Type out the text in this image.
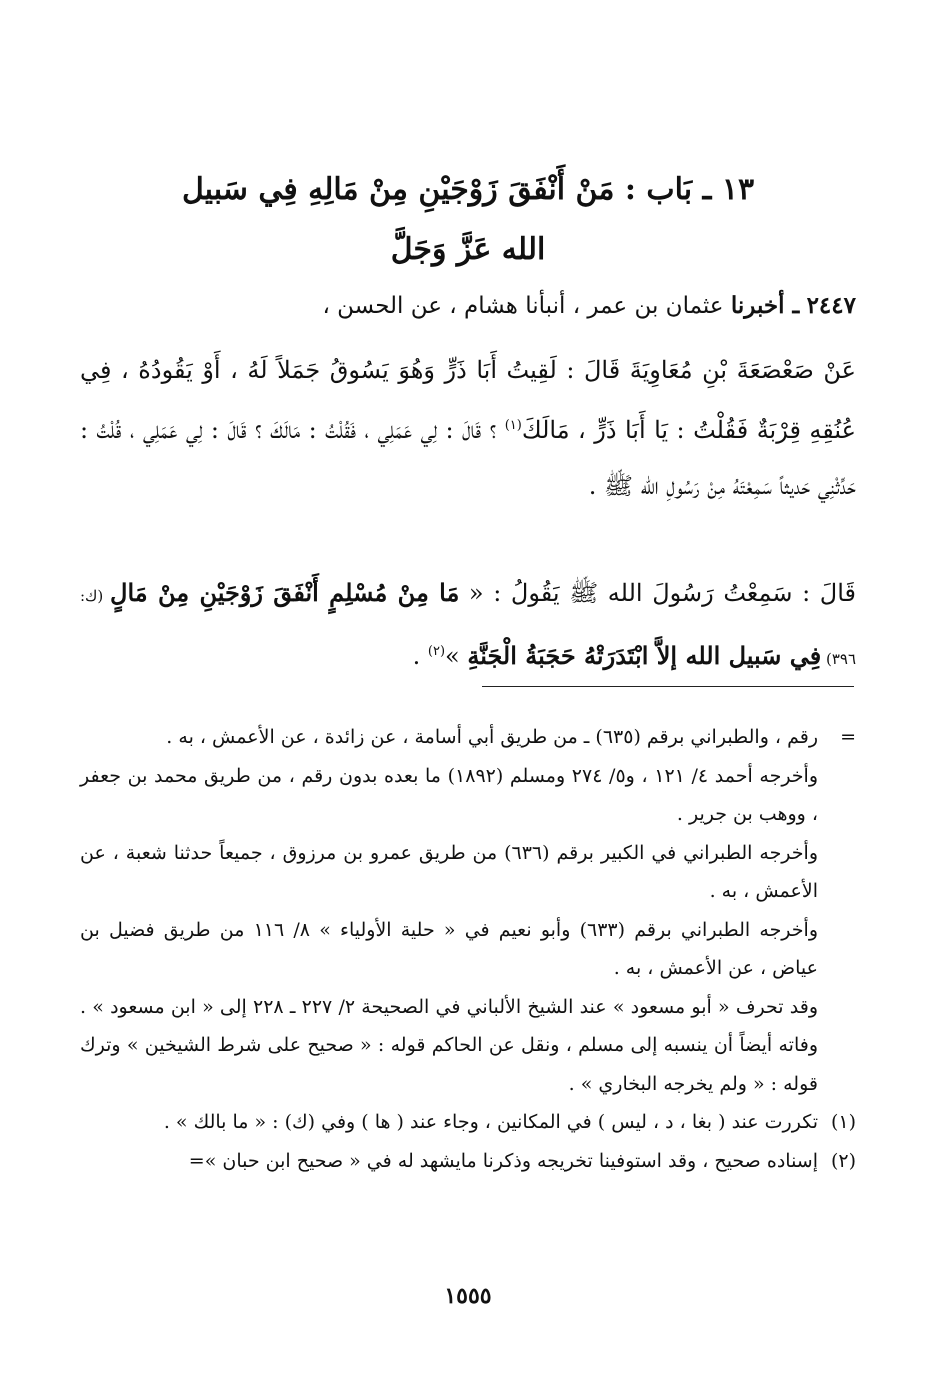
١٣ ـ بَاب : مَنْ أَنْفَقَ زَوْجَيْنِ مِنْ مَالِهِ فِي سَبيل
الله عَزَّ وَجَلَّ

٢٤٤٧ ـ أخبرنا عثمان بن عمر ، أنبأنا هشام ، عن الحسن ،

عَنْ صَعْصَعَةَ بْنِ مُعَاوِيَةَ قَالَ : لَقِيتُ أَبَا ذَرٍّ وَهُوَ يَسُوقُ جَمَلاً لَهُ ، أَوْ يَقُودُهُ ، فِي عُنُقِهِ قِرْبَةٌ فَقُلْتُ : يَا أَبَا ذَرٍّ ، مَالَكَ$^{(١)}$ ؟ قَالَ : لِي عَمَلِي ، فَقُلْتُ : مَالَكَ ؟ قَالَ : لِي عَمَلِي ، قُلْتُ : حَدِّثْنِي حَديثاً سَمِعْتَهُ مِنْ رَسُولِ الله ﷺ .

قَالَ : سَمِعْتُ رَسُولَ الله ﷺ يَقُولُ : « مَا مِنْ مُسْلِمٍ أَنْفَقَ زَوْجَيْنِ مِنْ مَالٍ (ك: ٣٩٦) فِي سَبيل الله إلاَّ ابْتَدَرَتْهُ حَجَبَةُ الْجَنَّةِ »$^{(٢)}$ .

=
رقم ، والطبراني برقم (٦٣٥) ـ من طريق أبي أسامة ، عن زائدة ، عن الأعمش ، به .
وأخرجه أحمد ٤/ ١٢١ ، و٥/ ٢٧٤ ومسلم (١٨٩٢) ما بعده بدون رقم ، من طريق محمد بن جعفر ، ووهب بن جرير .
وأخرجه الطبراني في الكبير برقم (٦٣٦) من طريق عمرو بن مرزوق ، جميعاً حدثنا شعبة ، عن الأعمش ، به .
وأخرجه الطبراني برقم (٦٣٣) وأبو نعيم في « حلية الأولياء » ٨/ ١١٦ من طريق فضيل بن عياض ، عن الأعمش ، به .
وقد تحرف « أبو مسعود » عند الشيخ الألباني في الصحيحة ٢/ ٢٢٧ ـ ٢٢٨ إلى « ابن مسعود » . وفاته أيضاً أن ينسبه إلى مسلم ، ونقل عن الحاكم قوله : « صحيح على شرط الشيخين » وترك قوله : « ولم يخرجه البخاري » .
(١)
تكررت عند ( بغا ، د ، ليس ) في المكانين ، وجاء عند ( ها ) وفي (ك) : « ما بالك » .
(٢)
إسناده صحيح ، وقد استوفينا تخريجه وذكرنا مايشهد له في « صحيح ابن حبان »=

١٥٥٥
